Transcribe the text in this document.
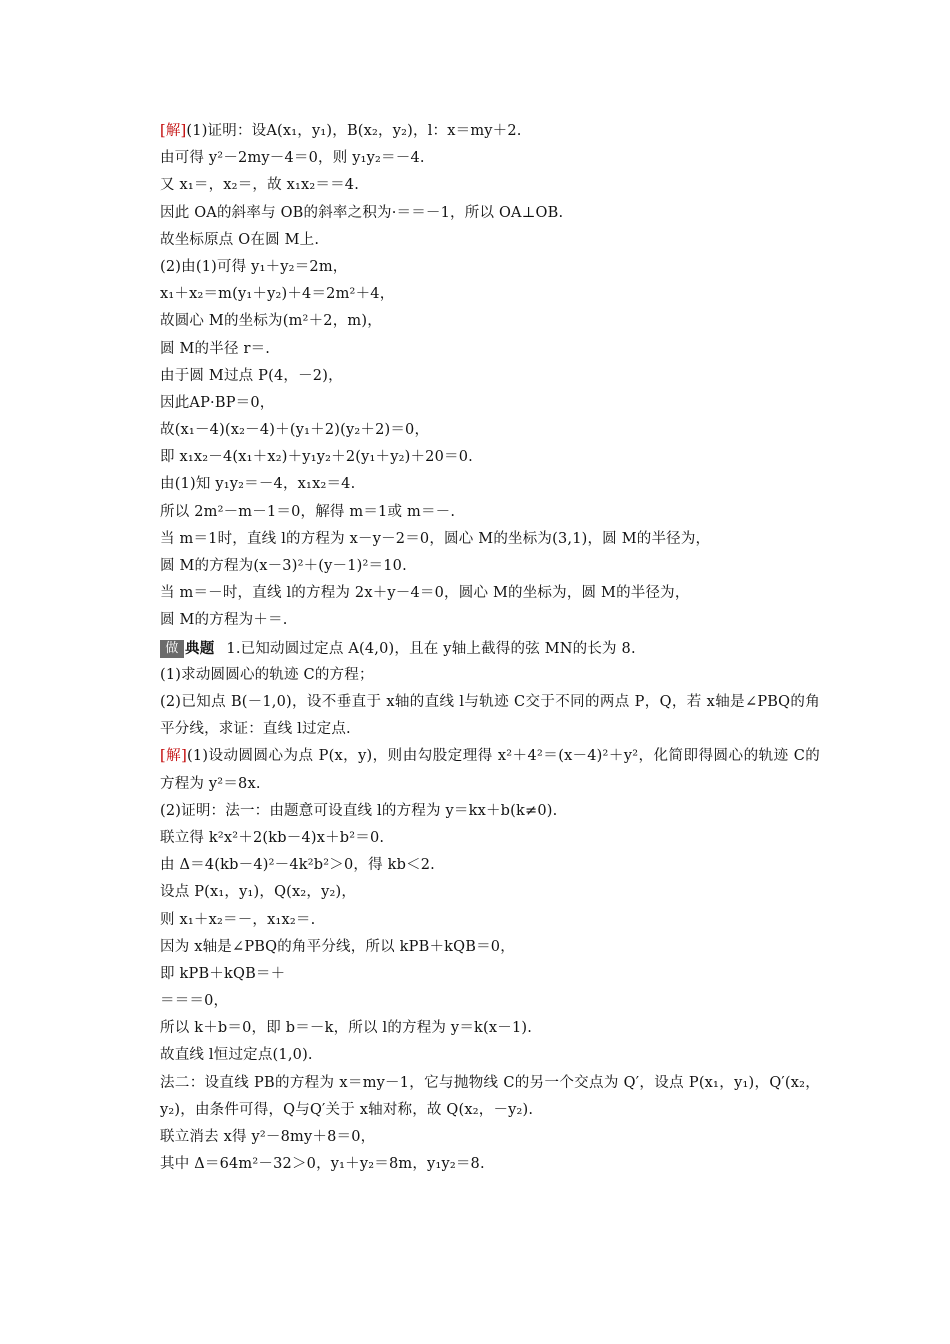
[解](1)证明：设A(x₁，y₁)，B(x₂，y₂)，l：x＝my＋2.
由可得 y²－2my－4＝0，则 y₁y₂＝－4.
又 x₁＝，x₂＝，故 x₁x₂＝＝4.
因此 OA的斜率与 OB的斜率之积为·＝＝－1，所以 OA⊥OB.
故坐标原点 O在圆 M上.
(2)由(1)可得 y₁＋y₂＝2m，
x₁＋x₂＝m(y₁＋y₂)＋4＝2m²＋4，
故圆心 M的坐标为(m²＋2，m)，
圆 M的半径 r＝.
由于圆 M过点 P(4，－2)，
因此AP·BP＝0，
故(x₁－4)(x₂－4)＋(y₁＋2)(y₂＋2)＝0，
即 x₁x₂－4(x₁＋x₂)＋y₁y₂＋2(y₁＋y₂)＋20＝0.
由(1)知 y₁y₂＝－4，x₁x₂＝4.
所以 2m²－m－1＝0，解得 m＝1或 m＝－.
当 m＝1时，直线 l的方程为 x－y－2＝0，圆心 M的坐标为(3,1)，圆 M的半径为，
圆 M的方程为(x－3)²＋(y－1)²＝10.
当 m＝－时，直线 l的方程为 2x＋y－4＝0，圆心 M的坐标为，圆 M的半径为，
圆 M的方程为＋＝.
做 典题 1.已知动圆过定点 A(4,0)，且在 y轴上截得的弦 MN的长为 8.
(1)求动圆圆心的轨迹 C的方程；
(2)已知点 B(－1,0)，设不垂直于 x轴的直线 l与轨迹 C交于不同的两点 P，Q，若 x轴是∠PBQ的角平分线，求证：直线 l过定点.
[解](1)设动圆圆心为点 P(x，y)，则由勾股定理得 x²＋4²＝(x－4)²＋y²，化简即得圆心的轨迹 C的方程为 y²＝8x.
(2)证明：法一：由题意可设直线 l的方程为 y＝kx＋b(k≠0).
联立得 k²x²＋2(kb－4)x＋b²＝0.
由 Δ＝4(kb－4)²－4k²b²＞0，得 kb＜2.
设点 P(x₁，y₁)，Q(x₂，y₂)，
则 x₁＋x₂＝－，x₁x₂＝.
因为 x轴是∠PBQ的角平分线，所以 kPB＋kQB＝0，
即 kPB＋kQB＝＋
＝＝＝0，
所以 k＋b＝0，即 b＝－k，所以 l的方程为 y＝k(x－1).
故直线 l恒过定点(1,0).
法二：设直线 PB的方程为 x＝my－1，它与抛物线 C的另一个交点为 Q′，设点 P(x₁，y₁)，Q′(x₂，y₂)，由条件可得，Q与Q′关于 x轴对称，故 Q(x₂，－y₂).
联立消去 x得 y²－8my＋8＝0，
其中 Δ＝64m²－32＞0，y₁＋y₂＝8m，y₁y₂＝8.
